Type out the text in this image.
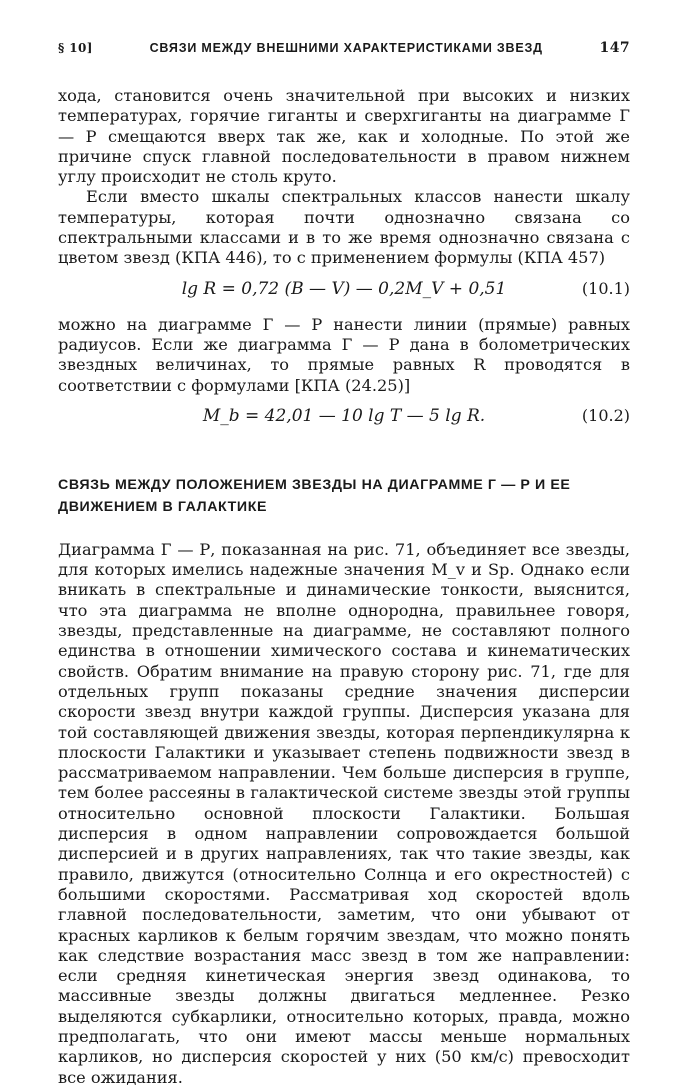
§ 10]	СВЯЗИ МЕЖДУ ВНЕШНИМИ ХАРАКТЕРИСТИКАМИ ЗВЕЗД	147

хода, становится очень значительной при высоких и низких температурах, горячие гиганты и сверхгиганты на диаграмме Г — Р смещаются вверх так же, как и холодные. По этой же причине спуск главной последовательности в правом нижнем углу происходит не столь круто.

Если вместо шкалы спектральных классов нанести шкалу температуры, которая почти однозначно связана со спектральными классами и в то же время однозначно связана с цветом звезд (КПА 446), то с применением формулы (КПА 457)

lg R = 0,72 (B — V) — 0,2M_V + 0,51	(10.1)

можно на диаграмме Г — Р нанести линии (прямые) равных радиусов. Если же диаграмма Г — Р дана в болометрических звездных величинах, то прямые равных R проводятся в соответствии с формулами [КПА (24.25)]

M_b = 42,01 — 10 lg T — 5 lg R.	(10.2)
СВЯЗЬ МЕЖДУ ПОЛОЖЕНИЕМ ЗВЕЗДЫ НА ДИАГРАММЕ Г — Р И ЕЕ ДВИЖЕНИЕМ В ГАЛАКТИКЕ

Диаграмма Г — Р, показанная на рис. 71, объединяет все звезды, для которых имелись надежные значения M_v и Sp. Однако если вникать в спектральные и динамические тонкости, выяснится, что эта диаграмма не вполне однородна, правильнее говоря, звезды, представленные на диаграмме, не составляют полного единства в отношении химического состава и кинематических свойств. Обратим внимание на правую сторону рис. 71, где для отдельных групп показаны средние значения дисперсии скорости звезд внутри каждой группы. Дисперсия указана для той составляющей движения звезды, которая перпендикулярна к плоскости Галактики и указывает степень подвижности звезд в рассматриваемом направлении. Чем больше дисперсия в группе, тем более рассеяны в галактической системе звезды этой группы относительно основной плоскости Галактики. Большая дисперсия в одном направлении сопровождается большой дисперсией и в других направлениях, так что такие звезды, как правило, движутся (относительно Солнца и его окрестностей) с большими скоростями. Рассматривая ход скоростей вдоль главной последовательности, заметим, что они убывают от красных карликов к белым горячим звездам, что можно понять как следствие возрастания масс звезд в том же направлении: если средняя кинетическая энергия звезд одинакова, то массивные звезды должны двигаться медленнее. Резко выделяются субкарлики, относительно которых, правда, можно предполагать, что они имеют массы меньше нормальных карликов, но дисперсия скоростей у них (50 км/с) превосходит все ожидания.
